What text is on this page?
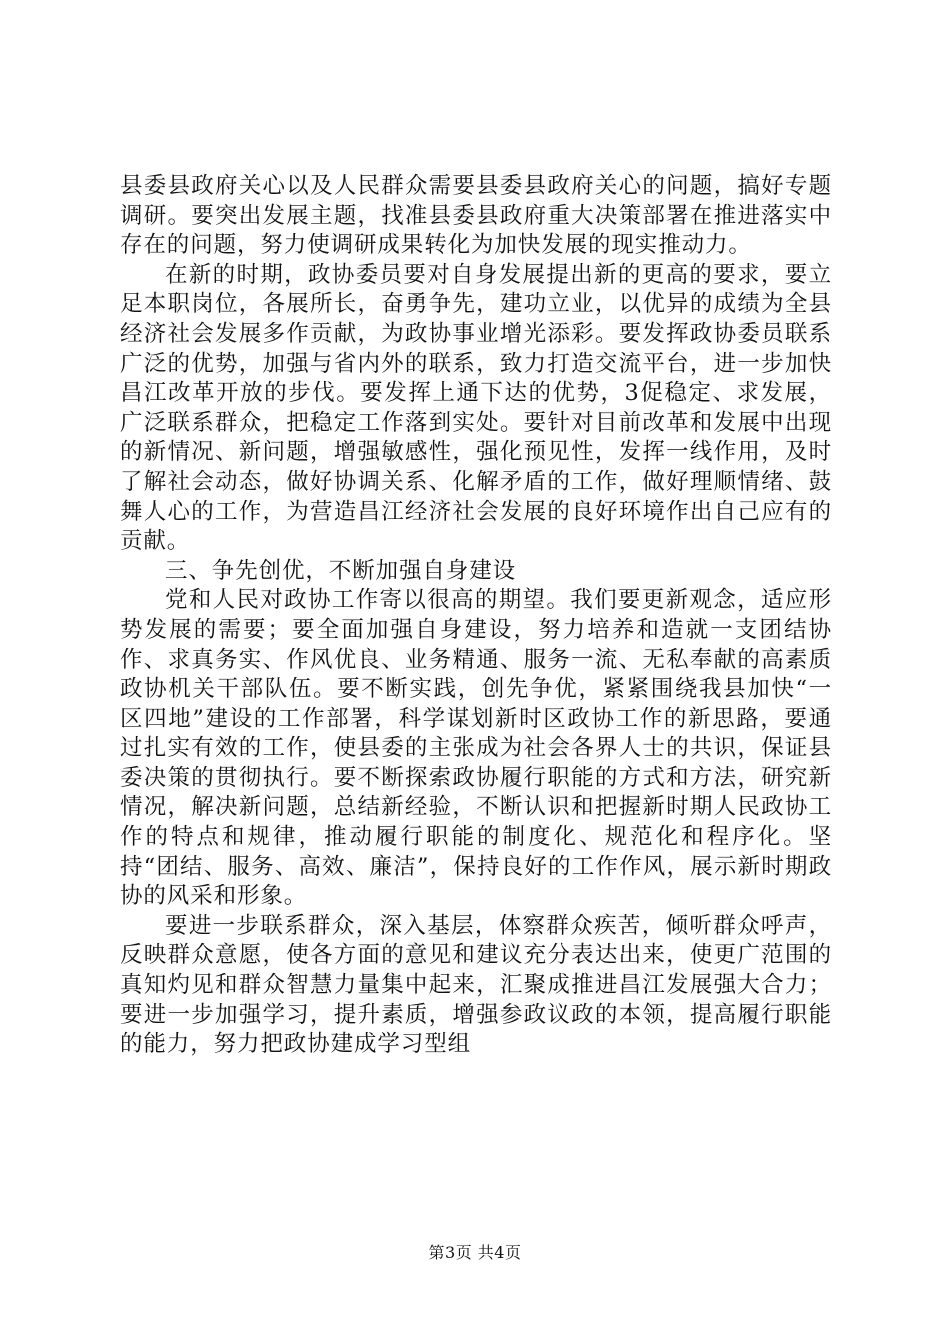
县委县政府关心以及人民群众需要县委县政府关心的问题，搞好专题调研。要突出发展主题，找准县委县政府重大决策部署在推进落实中存在的问题，努力使调研成果转化为加快发展的现实推动力。

在新的时期，政协委员要对自身发展提出新的更高的要求，要立足本职岗位，各展所长，奋勇争先，建功立业，以优异的成绩为全县经济社会发展多作贡献，为政协事业增光添彩。要发挥政协委员联系广泛的优势，加强与省内外的联系，致力打造交流平台，进一步加快昌江改革开放的步伐。要发挥上通下达的优势，3促稳定、求发展，广泛联系群众，把稳定工作落到实处。要针对目前改革和发展中出现的新情况、新问题，增强敏感性，强化预见性，发挥一线作用，及时了解社会动态，做好协调关系、化解矛盾的工作，做好理顺情绪、鼓舞人心的工作，为营造昌江经济社会发展的良好环境作出自己应有的贡献。

三、争先创优，不断加强自身建设

党和人民对政协工作寄以很高的期望。我们要更新观念，适应形势发展的需要；要全面加强自身建设，努力培养和造就一支团结协作、求真务实、作风优良、业务精通、服务一流、无私奉献的高素质政协机关干部队伍。要不断实践，创先争优，紧紧围绕我县加快“一区四地”建设的工作部署，科学谋划新时区政协工作的新思路，要通过扎实有效的工作，使县委的主张成为社会各界人士的共识，保证县委决策的贯彻执行。要不断探索政协履行职能的方式和方法，研究新情况，解决新问题，总结新经验，不断认识和把握新时期人民政协工作的特点和规律，推动履行职能的制度化、规范化和程序化。坚持“团结、服务、高效、廉洁”，保持良好的工作作风，展示新时期政协的风采和形象。

要进一步联系群众，深入基层，体察群众疾苦，倾听群众呼声，反映群众意愿，使各方面的意见和建议充分表达出来，使更广范围的真知灼见和群众智慧力量集中起来，汇聚成推进昌江发展强大合力；要进一步加强学习，提升素质，增强参政议政的本领，提高履行职能的能力，努力把政协建成学习型组

第3页 共4页
